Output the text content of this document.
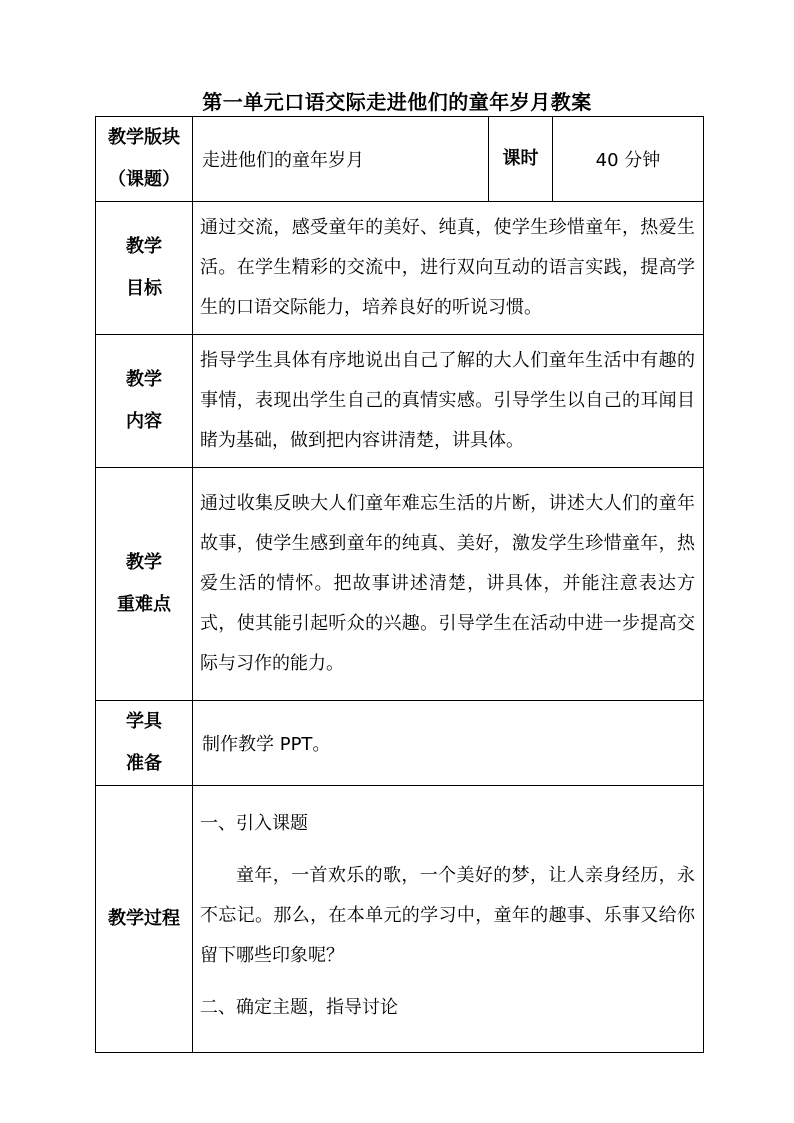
第一单元口语交际走进他们的童年岁月教案
教学版块
（课题）	走进他们的童年岁月	课时	40 分钟

教学
目标	通过交流，感受童年的美好、纯真，使学生珍惜童年，热爱生活。在学生精彩的交流中，进行双向互动的语言实践，提高学生的口语交际能力，培养良好的听说习惯。		

教学
内容	指导学生具体有序地说出自己了解的大人们童年生活中有趣的事情，表现出学生自己的真情实感。引导学生以自己的耳闻目睹为基础，做到把内容讲清楚，讲具体。		

教学
重难点	通过收集反映大人们童年难忘生活的片断，讲述大人们的童年故事，使学生感到童年的纯真、美好，激发学生珍惜童年，热爱生活的情怀。把故事讲述清楚，讲具体，并能注意表达方式，使其能引起听众的兴趣。引导学生在活动中进一步提高交际与习作的能力。		

学具
准备	制作教学 PPT。		
教学过程	一、引入课题

童年，一首欢乐的歌，一个美好的梦，让人亲身经历，永不忘记。那么，在本单元的学习中，童年的趣事、乐事又给你留下哪些印象呢？

二、确定主题，指导讨论		
